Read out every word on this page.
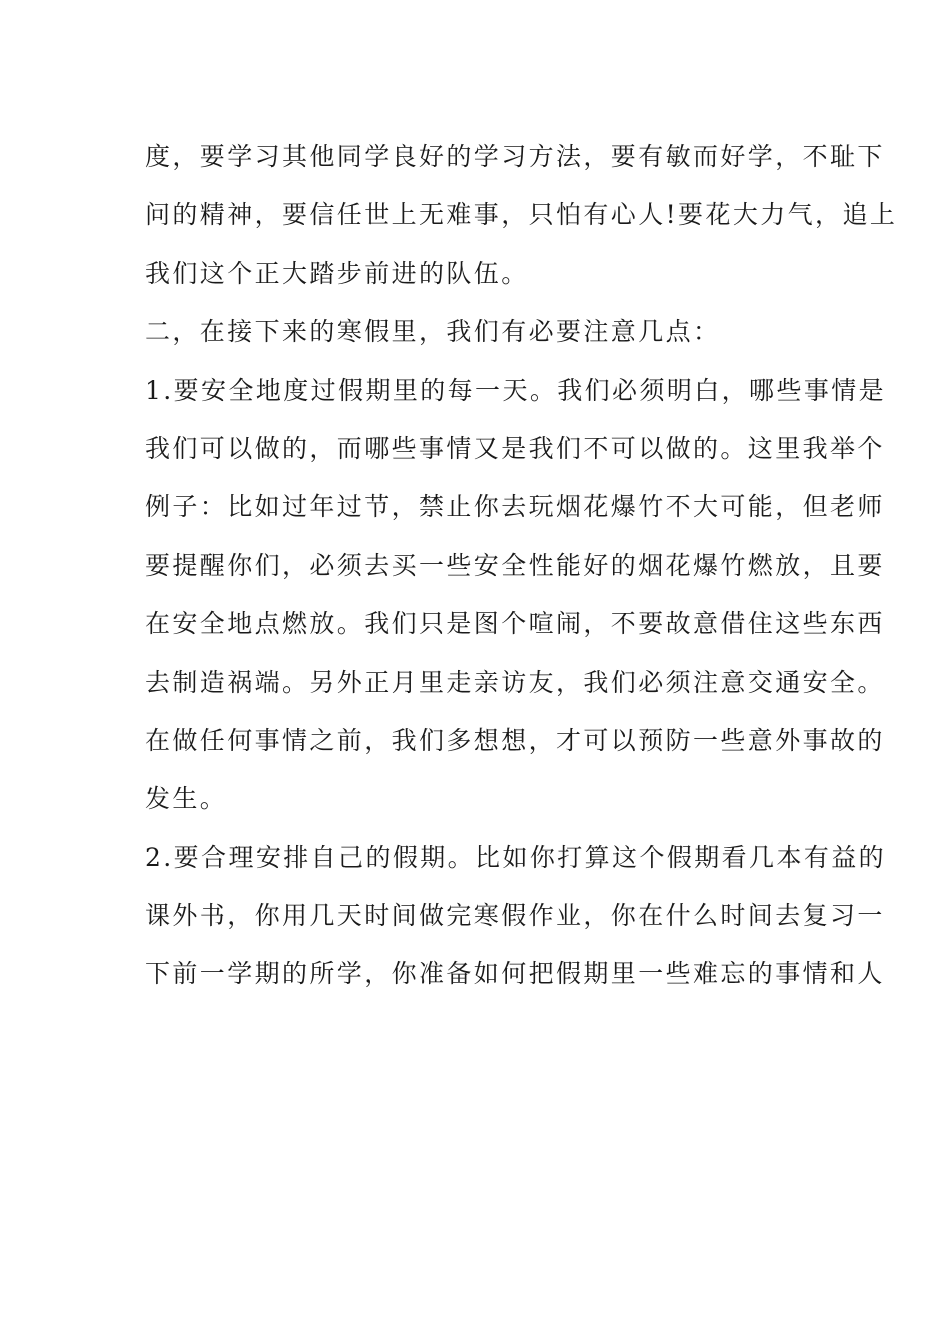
度，要学习其他同学良好的学习方法，要有敏而好学，不耻下
问的精神，要信任世上无难事，只怕有心人!要花大力气，追上
我们这个正大踏步前进的队伍。
二，在接下来的寒假里，我们有必要注意几点：
1.要安全地度过假期里的每一天。我们必须明白，哪些事情是
我们可以做的，而哪些事情又是我们不可以做的。这里我举个
例子：比如过年过节，禁止你去玩烟花爆竹不大可能，但老师
要提醒你们，必须去买一些安全性能好的烟花爆竹燃放，且要
在安全地点燃放。我们只是图个喧闹，不要故意借住这些东西
去制造祸端。另外正月里走亲访友，我们必须注意交通安全。
在做任何事情之前，我们多想想，才可以预防一些意外事故的
发生。
2.要合理安排自己的假期。比如你打算这个假期看几本有益的
课外书，你用几天时间做完寒假作业，你在什么时间去复习一
下前一学期的所学，你准备如何把假期里一些难忘的事情和人
